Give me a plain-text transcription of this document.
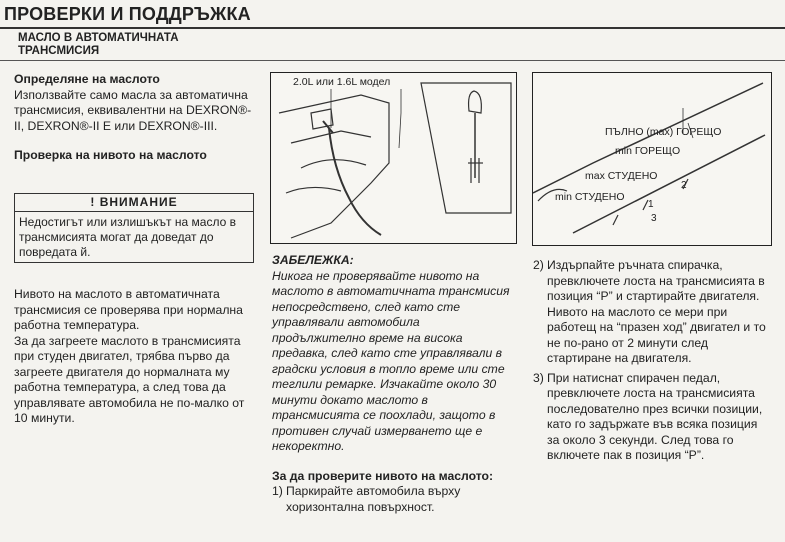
ПРОВЕРКИ И ПОДДРЪЖКА
МАСЛО В АВТОМАТИЧНАТА
ТРАНСМИСИЯ
Определяне на маслото
Използвайте само масла за автоматична трансмисия, еквивалентни на DEXRON®-II, DEXRON®-II E или DEXRON®-III.
Проверка на нивото на маслото
! ВНИМАНИЕ
Недостигът или излишъкът на масло в трансмисията могат да доведат до повредата й.
Нивото на маслото в автоматичната трансмисия се проверява при нормална работна температура.
За да загреете маслото в трансмисията при студен двигател, трябва първо да загреете двигателя до нормалната му работна температура, а след това да управлявате автомобила не по-малко от 10 минути.
2.0L или 1.6L модел
1
2
3
ПЪЛНО (max) ГОРЕЩО
min ГОРЕЩО
max СТУДЕНО
min СТУДЕНО
ЗАБЕЛЕЖКА:
Никога не проверявайте нивото на маслото в автоматичната трансмисия непосредствено, след като сте управлявали автомобила продължително време на висока предавка, след като сте управлявали в градски условия в топло време или сте теглили ремарке. Изчакайте около 30 минути докато маслото в трансмисията се поохлади, защото в противен случай измерването ще е некоректно.
За да проверите нивото на маслото:
1) Паркирайте автомобила върху хоризонтална повърхност.
2) Издърпайте ръчната спирачка, превключете лоста на трансмисията в позиция “P” и стартирайте двигателя. Нивото на маслото се мери при работещ на “празен ход” двигател и то не по-рано от 2 минути след стартиране на двигателя.
3) При натиснат спирачен педал, превключете лоста на трансмисията последователно през всички позиции, като го задържате във всяка позиция за около 3 секунди. След това го включете пак в позиция “P”.
